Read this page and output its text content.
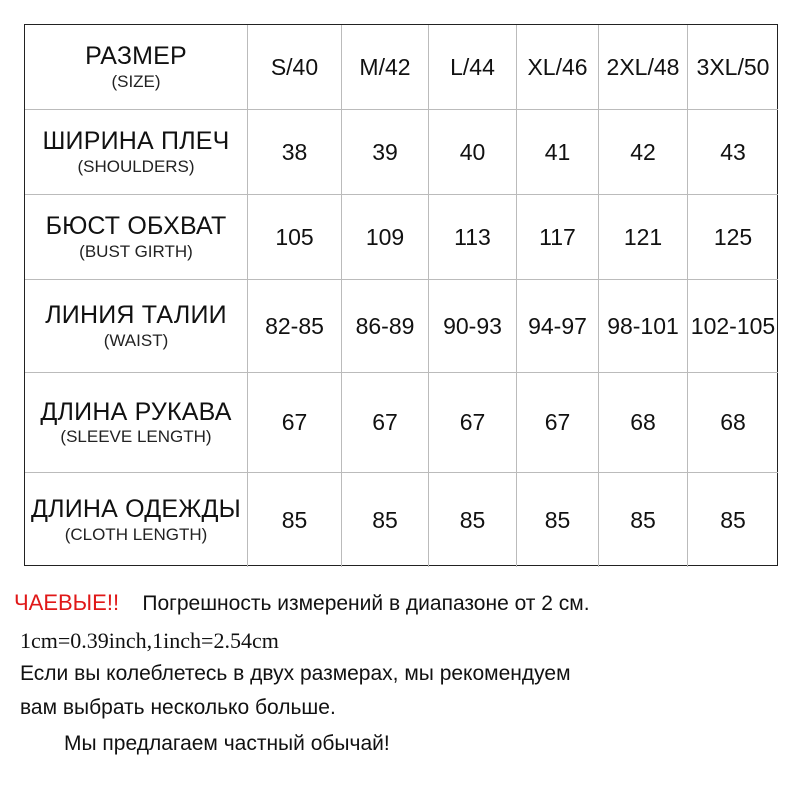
РАЗМЕР
(SIZE)
S/40	M/42	L/44	XL/46 2XL/48 3XL/50
ШИРИНА ПЛЕЧ
(SHOULDERS)
38	39	40	41	42	43
БЮСТ ОБХВАТ
(BUST GIRTH)
105	109	113	117	121	125
ЛИНИЯ ТАЛИИ
(WAIST)
82-85	86-89	90-93	94-97 98-101 102-105
ДЛИНА РУКАВА
(SLEEVE LENGTH)
67	67	67	67	68	68
ДЛИНА ОДЕЖДЫ
(CLOTH LENGTH)
85	85	85	85	85	85
ЧАЕВЫЕ!! Погрешность измерений в диапазоне от 2 см.
1cm=0.39inch,1inch=2.54cm
Если вы колеблетесь в двух размерах, мы рекомендуем
вам выбрать несколько больше.
Мы предлагаем частный обычай!
